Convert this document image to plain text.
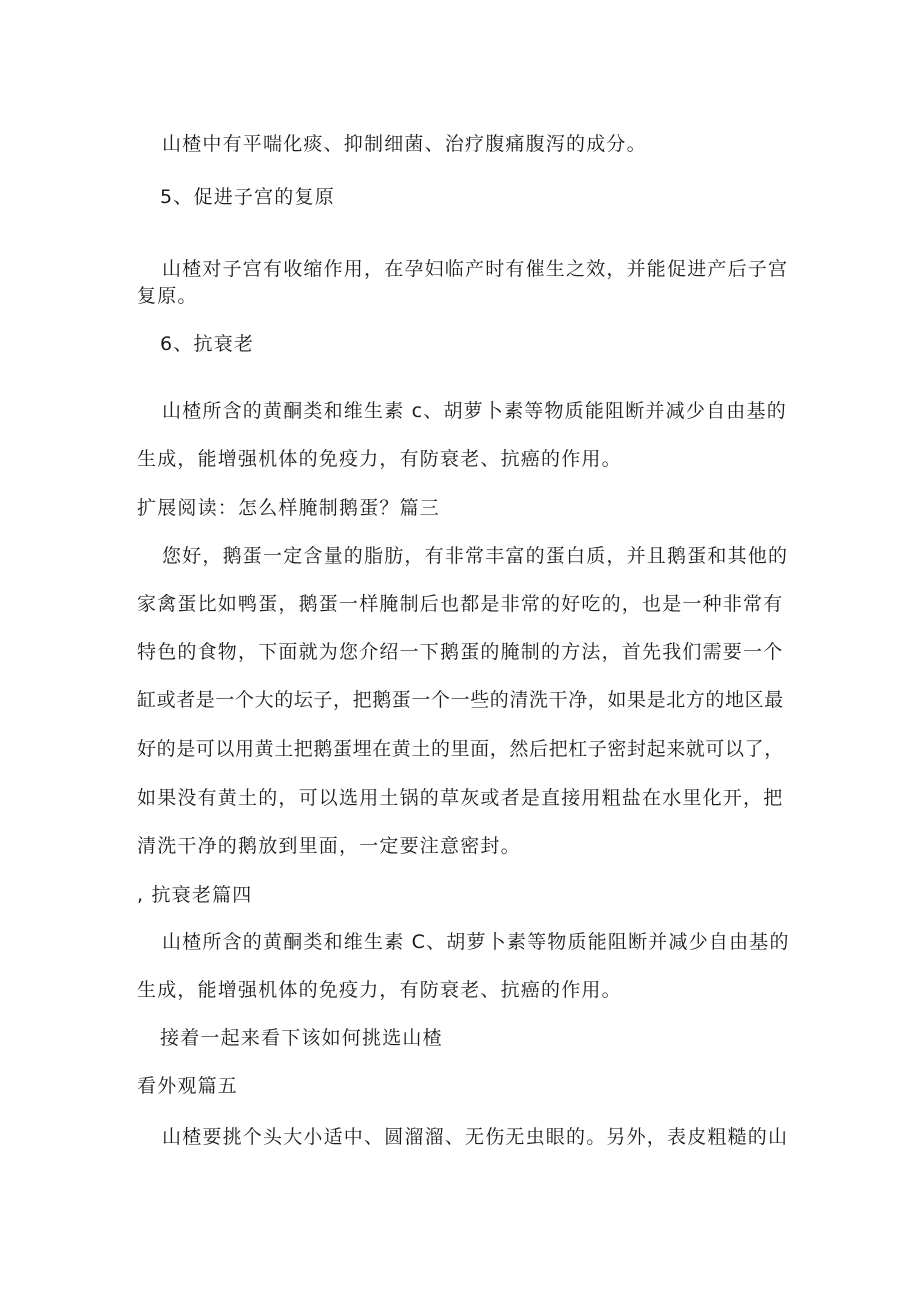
山楂中有平喘化痰、抑制细菌、治疗腹痛腹泻的成分。

5、促进子宫的复原

山楂对子宫有收缩作用，在孕妇临产时有催生之效，并能促进产后子宫

复原。

6、抗衰老

山楂所含的黄酮类和维生素 c、胡萝卜素等物质能阻断并减少自由基的

生成，能增强机体的免疫力，有防衰老、抗癌的作用。

扩展阅读：怎么样腌制鹅蛋？篇三

您好，鹅蛋一定含量的脂肪，有非常丰富的蛋白质，并且鹅蛋和其他的

家禽蛋比如鸭蛋，鹅蛋一样腌制后也都是非常的好吃的，也是一种非常有

特色的食物，下面就为您介绍一下鹅蛋的腌制的方法，首先我们需要一个

缸或者是一个大的坛子，把鹅蛋一个一些的清洗干净，如果是北方的地区最

好的是可以用黄土把鹅蛋埋在黄土的里面，然后把杠子密封起来就可以了，

如果没有黄土的，可以选用土锅的草灰或者是直接用粗盐在水里化开，把

清洗干净的鹅放到里面，一定要注意密封。

, 抗衰老篇四

山楂所含的黄酮类和维生素 C、胡萝卜素等物质能阻断并减少自由基的

生成，能增强机体的免疫力，有防衰老、抗癌的作用。

接着一起来看下该如何挑选山楂

看外观篇五

山楂要挑个头大小适中、圆溜溜、无伤无虫眼的。另外，表皮粗糙的山
